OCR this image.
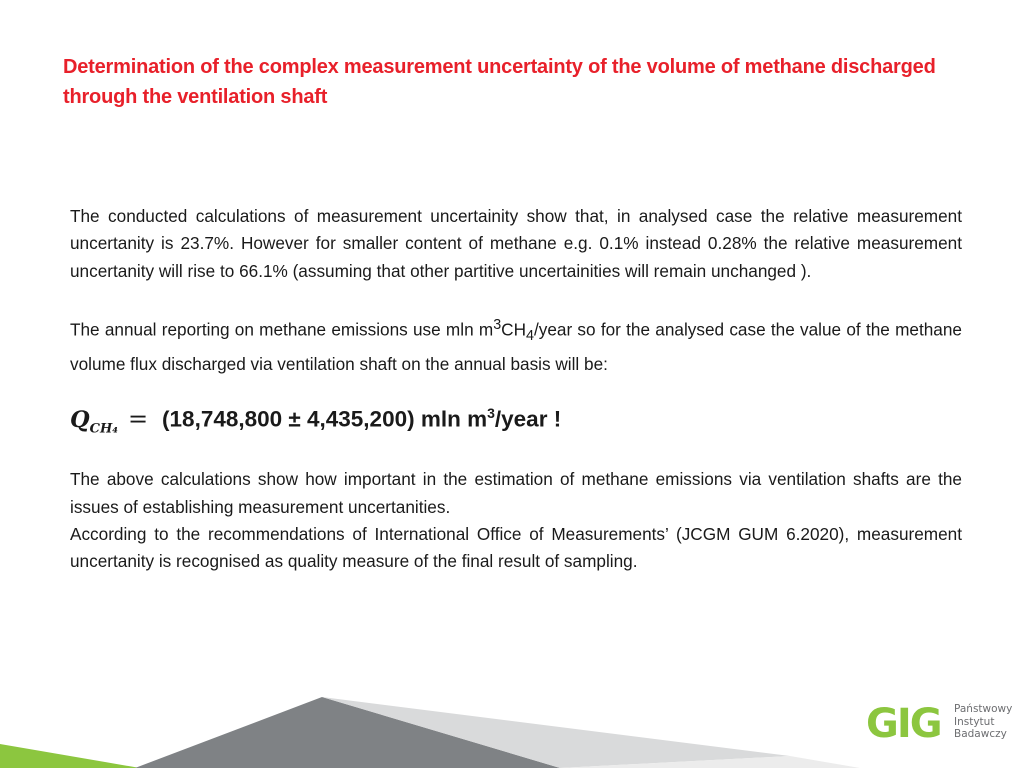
Determination of the complex measurement uncertainty of the volume of methane discharged through the ventilation shaft

The conducted calculations of measurement uncertainity show that, in analysed case the relative measurement uncertanity is 23.7%. However for smaller content of methane e.g. 0.1% instead 0.28% the relative measurement uncertanity will rise to 66.1% (assuming that other partitive uncertainities will remain unchanged ).

The annual reporting on methane emissions use mln $m^3CH_4$/year so for the analysed case the value of the methane volume flux discharged via ventilation shaft on the annual basis will be:

$Q_{CH_4} = (18,748,800 \pm 4,435,200)$ mln $m^3$/year !

The above calculations show how important in the estimation of methane emissions via ventilation shafts are the issues of establishing measurement uncertanities.

According to the recommendations of International Office of Measurements’ (JCGM GUM 6.2020), measurement uncertanity is recognised as quality measure of the final result of sampling.

GIG Państwowy
Instytut
Badawczy
